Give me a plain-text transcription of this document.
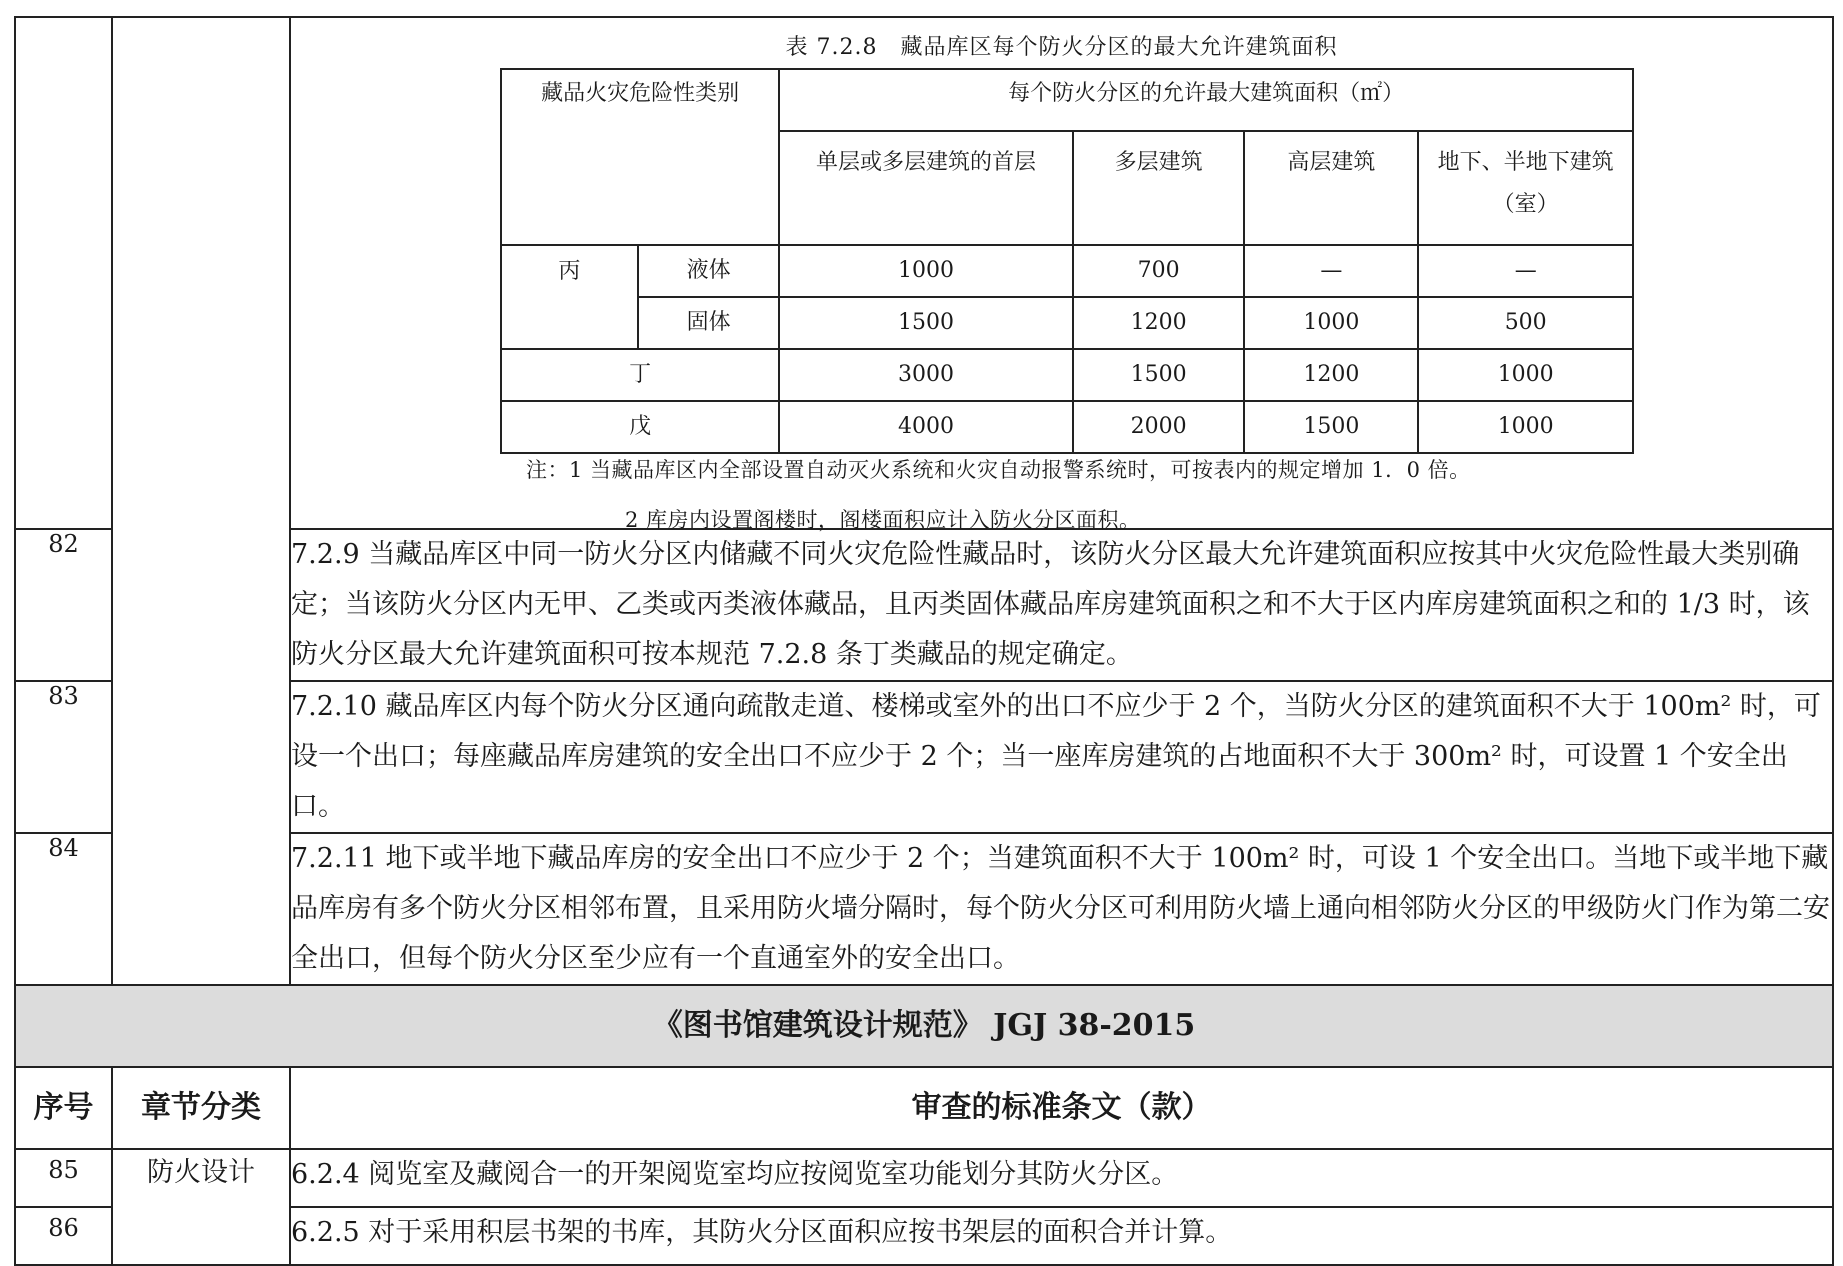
表 7.2.8　藏品库区每个防火分区的最大允许建筑面积
藏品火灾危险性类别	每个防火分区的允许最大建筑面积（㎡）
单层或多层建筑的首层	多层建筑	高层建筑	地下、半地下建筑（室）
丙	液体	1000	700	—	—
固体	1500	1200	1000	500
丁	3000	1500	1200	1000
戊	4000	2000	1500	1000
注：1 当藏品库区内全部设置自动灭火系统和火灾自动报警系统时，可按表内的规定增加 1．0 倍。
2 库房内设置阁楼时，阁楼面积应计入防火分区面积。

82	7.2.9 当藏品库区中同一防火分区内储藏不同火灾危险性藏品时，该防火分区最大允许建筑面积应按其中火灾危险性最大类别确定；当该防火分区内无甲、乙类或丙类液体藏品，且丙类固体藏品库房建筑面积之和不大于区内库房建筑面积之和的 1/3 时，该防火分区最大允许建筑面积可按本规范 7.2.8 条丁类藏品的规定确定。
83	7.2.10 藏品库区内每个防火分区通向疏散走道、楼梯或室外的出口不应少于 2 个，当防火分区的建筑面积不大于 100m² 时，可设一个出口；每座藏品库房建筑的安全出口不应少于 2 个；当一座库房建筑的占地面积不大于 300m² 时，可设置 1 个安全出口。
84	7.2.11 地下或半地下藏品库房的安全出口不应少于 2 个；当建筑面积不大于 100m² 时，可设 1 个安全出口。当地下或半地下藏品库房有多个防火分区相邻布置，且采用防火墙分隔时，每个防火分区可利用防火墙上通向相邻防火分区的甲级防火门作为第二安全出口，但每个防火分区至少应有一个直通室外的安全出口。
《图书馆建筑设计规范》 JGJ 38-2015
序号	章节分类	审查的标准条文（款）
85	防火设计	6.2.4 阅览室及藏阅合一的开架阅览室均应按阅览室功能划分其防火分区。
86	6.2.5 对于采用积层书架的书库，其防火分区面积应按书架层的面积合并计算。
